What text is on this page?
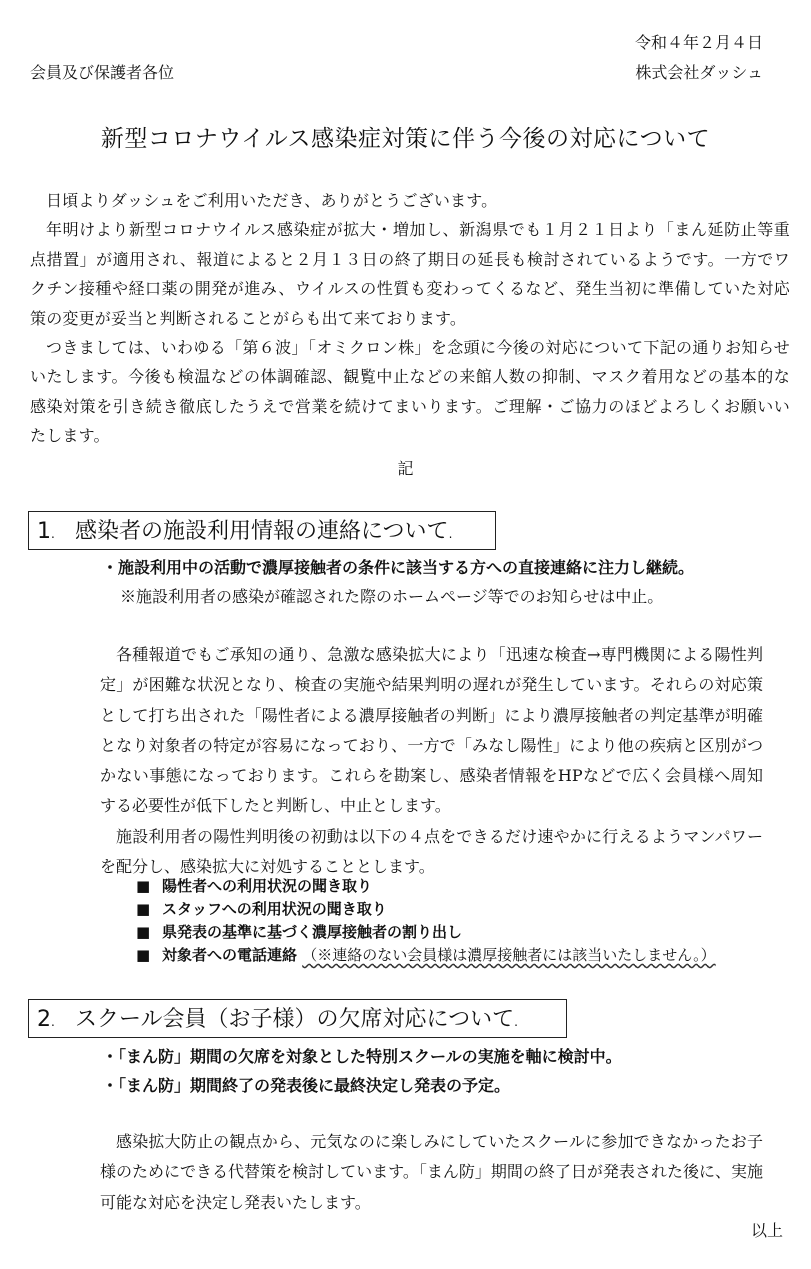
令和４年２月４日
会員及び保護者各位	株式会社ダッシュ
新型コロナウイルス感染症対策に伴う今後の対応について

日頃よりダッシュをご利用いただき、ありがとうございます。

年明けより新型コロナウイルス感染症が拡大・増加し、新潟県でも１月２１日より「まん延防止等重点措置」が適用され、報道によると２月１３日の終了期日の延長も検討されているようです。一方でワクチン接種や経口薬の開発が進み、ウイルスの性質も変わってくるなど、発生当初に準備していた対応策の変更が妥当と判断されることがらも出て来ております。

つきましては、いわゆる「第６波」「オミクロン株」を念頭に今後の対応について下記の通りお知らせいたします。今後も検温などの体調確認、観覧中止などの来館人数の抑制、マスク着用などの基本的な感染対策を引き続き徹底したうえで営業を続けてまいります。ご理解・ご協力のほどよろしくお願いいたします。

記
1. 感染者の施設利用情報の連絡について.
・施設利用中の活動で濃厚接触者の条件に該当する方への直接連絡に注力し継続。
※施設利用者の感染が確認された際のホームページ等でのお知らせは中止。

各種報道でもご承知の通り、急激な感染拡大により「迅速な検査→専門機関による陽性判定」が困難な状況となり、検査の実施や結果判明の遅れが発生しています。それらの対応策として打ち出された「陽性者による濃厚接触者の判断」により濃厚接触者の判定基準が明確となり対象者の特定が容易になっており、一方で「みなし陽性」により他の疾病と区別がつかない事態になっております。これらを勘案し、感染者情報をHPなどで広く会員様へ周知する必要性が低下したと判断し、中止とします。

施設利用者の陽性判明後の初動は以下の４点をできるだけ速やかに行えるようマンパワーを配分し、感染拡大に対処することとします。

■ 陽性者への利用状況の聞き取り
■ スタッフへの利用状況の聞き取り
■ 県発表の基準に基づく濃厚接触者の割り出し
■ 対象者への電話連絡 （※連絡のない会員様は濃厚接触者には該当いたしません。）
2. スクール会員（お子様）の欠席対応について.
・「まん防」期間の欠席を対象とした特別スクールの実施を軸に検討中。
・「まん防」期間終了の発表後に最終決定し発表の予定。

感染拡大防止の観点から、元気なのに楽しみにしていたスクールに参加できなかったお子様のためにできる代替策を検討しています。「まん防」期間の終了日が発表された後に、実施可能な対応を決定し発表いたします。

以上
